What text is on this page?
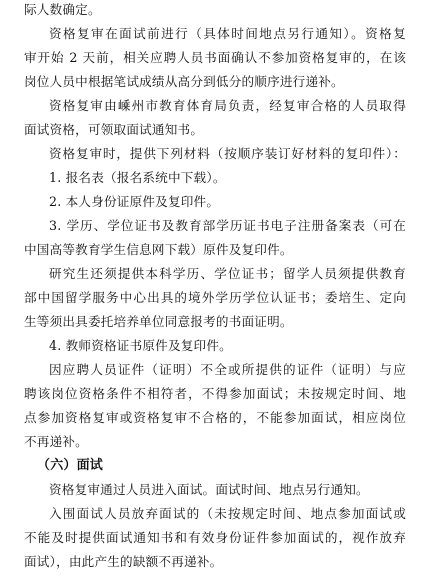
际人数确定。
资格复审在面试前进行（具体时间地点另行通知）。资格复
审开始 2 天前，相关应聘人员书面确认不参加资格复审的，在该
岗位人员中根据笔试成绩从高分到低分的顺序进行递补。
资格复审由嵊州市教育体育局负责，经复审合格的人员取得
面试资格，可领取面试通知书。
资格复审时，提供下列材料（按顺序装订好材料的复印件）：
1. 报名表（报名系统中下载）。
2. 本人身份证原件及复印件。
3. 学历、学位证书及教育部学历证书电子注册备案表（可在
中国高等教育学生信息网下载）原件及复印件。
研究生还须提供本科学历、学位证书；留学人员须提供教育
部中国留学服务中心出具的境外学历学位认证书；委培生、定向
生等须出具委托培养单位同意报考的书面证明。
4. 教师资格证书原件及复印件。
因应聘人员证件（证明）不全或所提供的证件（证明）与应
聘该岗位资格条件不相符者，不得参加面试；未按规定时间、地
点参加资格复审或资格复审不合格的，不能参加面试，相应岗位
不再递补。
（六）面试
资格复审通过人员进入面试。面试时间、地点另行通知。
入围面试人员放弃面试的（未按规定时间、地点参加面试或
不能及时提供面试通知书和有效身份证件参加面试的，视作放弃
面试），由此产生的缺额不再递补。
